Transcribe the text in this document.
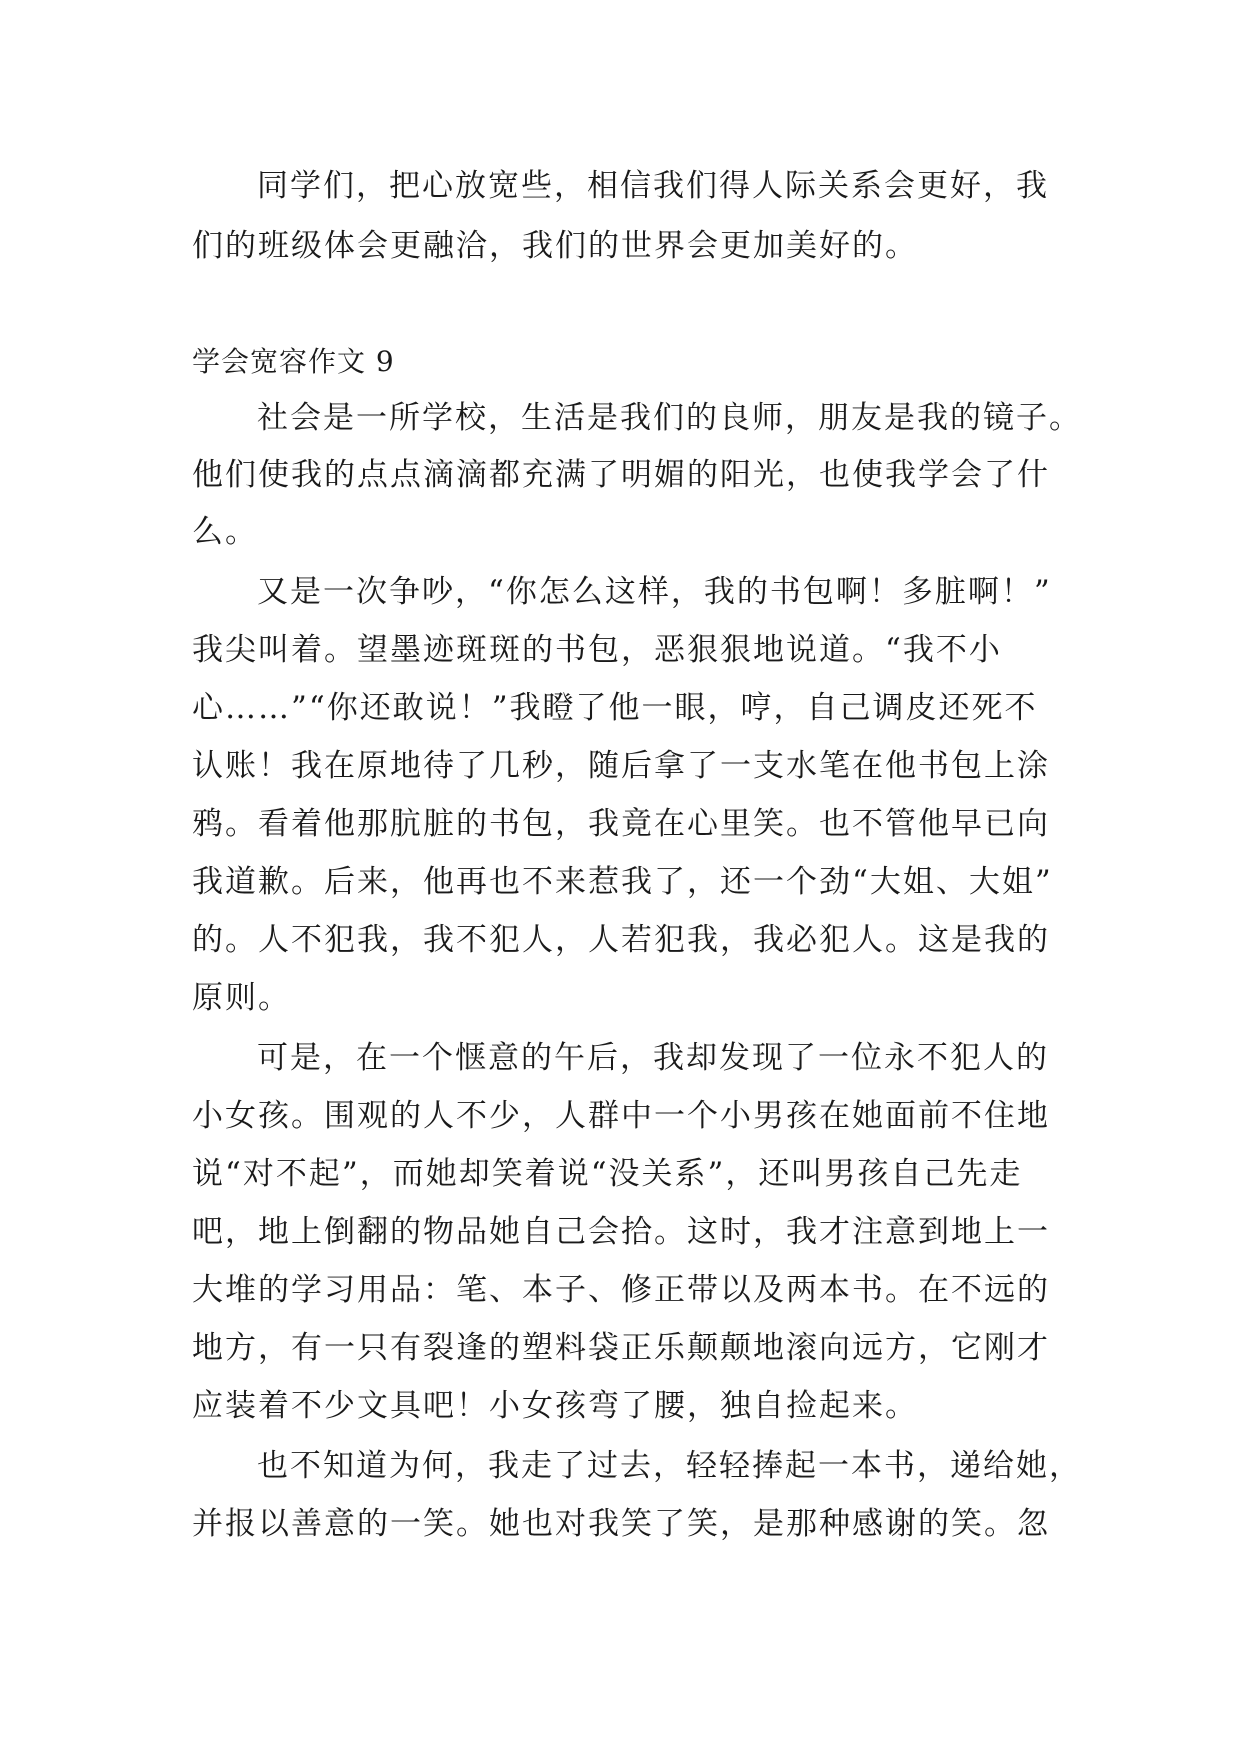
同学们，把心放宽些，相信我们得人际关系会更好，我

们的班级体会更融洽，我们的世界会更加美好的。

学会宽容作文 9

社会是一所学校，生活是我们的良师，朋友是我的镜子。

他们使我的点点滴滴都充满了明媚的阳光，也使我学会了什

么。

又是一次争吵，“你怎么这样，我的书包啊！多脏啊！”

我尖叫着。望墨迹斑斑的书包，恶狠狠地说道。“我不小

心……”“你还敢说！”我瞪了他一眼，哼，自己调皮还死不

认账！我在原地待了几秒，随后拿了一支水笔在他书包上涂

鸦。看着他那肮脏的书包，我竟在心里笑。也不管他早已向

我道歉。后来，他再也不来惹我了，还一个劲“大姐、大姐”

的。人不犯我，我不犯人，人若犯我，我必犯人。这是我的

原则。

可是，在一个惬意的午后，我却发现了一位永不犯人的

小女孩。围观的人不少，人群中一个小男孩在她面前不住地

说“对不起”，而她却笑着说“没关系”，还叫男孩自己先走

吧，地上倒翻的物品她自己会拾。这时，我才注意到地上一

大堆的学习用品：笔、本子、修正带以及两本书。在不远的

地方，有一只有裂逢的塑料袋正乐颠颠地滚向远方，它刚才

应装着不少文具吧！小女孩弯了腰，独自捡起来。

也不知道为何，我走了过去，轻轻捧起一本书，递给她，

并报以善意的一笑。她也对我笑了笑，是那种感谢的笑。忽
